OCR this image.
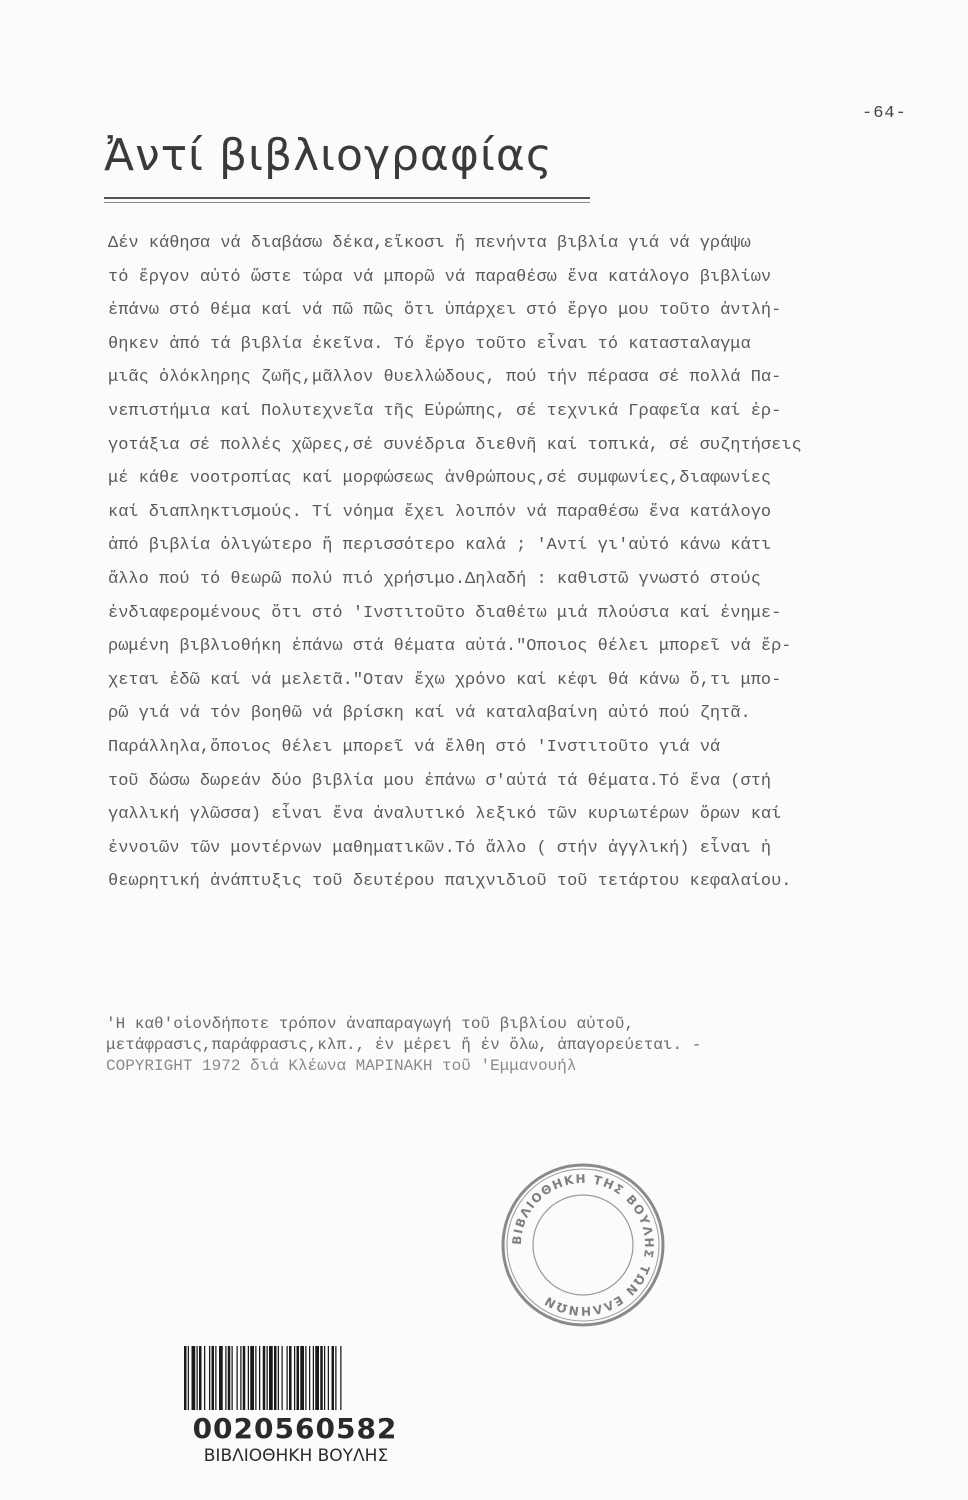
-64-
Ἀντί βιβλιογραφίας
Δέν κάθησα νά διαβάσω δέκα,εἴκοσι ἤ πενήντα βιβλία γιά νά γράψω
τό ἔργον αὐτό ὥστε τώρα νά μπορῶ νά παραθέσω ἕνα κατάλογο βιβλίων
ἐπάνω στό θέμα καί νά πῶ πῶς ὅτι ὑπάρχει στό ἔργο μου τοῦτο ἀντλή-
θηκεν ἀπό τά βιβλία ἐκεῖνα. Τό ἔργο τοῦτο εἶναι τό κατασταλαγμα
μιᾶς ὁλόκληρης ζωῆς,μᾶλλον θυελλώδους, πού τήν πέρασα σέ πολλά Πα-
νεπιστήμια καί Πολυτεχνεῖα τῆς Εὐρώπης, σέ τεχνικά Γραφεῖα καί ἐρ-
γοτάξια σέ πολλές χῶρες,σέ συνέδρια διεθνῆ καί τοπικά, σέ συζητήσεις
μέ κάθε νοοτροπίας καί μορφώσεως ἀνθρώπους,σέ συμφωνίες,διαφωνίες
καί διαπληκτισμούς. Τί νόημα ἔχει λοιπόν νά παραθέσω ἕνα κατάλογο
ἀπό βιβλία ὀλιγώτερο ἤ περισσότερο καλά ; 'Αντί γι'αὐτό κάνω κάτι
ἄλλο πού τό θεωρῶ πολύ πιό χρήσιμο.Δηλαδή : καθιστῶ γνωστό στούς
ἐνδιαφερομένους ὅτι στό 'Ινστιτοῦτο διαθέτω μιά πλούσια καί ἐνημε-
ρωμένη βιβλιοθήκη ἐπάνω στά θέματα αὐτά."Οποιος θέλει μπορεῖ νά ἔρ-
χεται ἐδῶ καί νά μελετᾶ."Οταν ἔχω χρόνο καί κέφι θά κάνω ὅ,τι μπο-
ρῶ γιά νά τόν βοηθῶ νά βρίσκη καί νά καταλαβαίνη αὐτό πού ζητᾶ.
Παράλληλα,ὅποιος θέλει μπορεῖ νά ἔλθη στό 'Ινστιτοῦτο γιά νά
τοῦ δώσω δωρεάν δύο βιβλία μου ἐπάνω σ'αὐτά τά θέματα.Τό ἕνα (στή
γαλλική γλῶσσα) εἶναι ἕνα ἀναλυτικό λεξικό τῶν κυριωτέρων ὅρων καί
ἐννοιῶν τῶν μοντέρνων μαθηματικῶν.Τό ἄλλο ( στήν ἀγγλική) εἶναι ἡ
θεωρητική ἀνάπτυξις τοῦ δευτέρου παιχνιδιοῦ τοῦ τετάρτου κεφαλαίου.
'Η καθ'οἱονδήποτε τρόπον ἀναπαραγωγή τοῦ βιβλίου αὐτοῦ,
μετάφρασις,παράφρασις,κλπ., ἐν μέρει ἤ ἐν ὅλω, ἀπαγορεύεται. -
COPYRIGHT 1972 διά Κλέωνα ΜΑΡΙΝΑΚΗ τοῦ 'Εμμανουήλ
ΒΙΒΛΙΟΘΗΚΗ ΤΗΣ ΒΟΥΛΗΣ ΤΩΝ ΕΛΛΗΝΩΝ
0020560582
ΒΙΒΛΙΟΘΗΚΗ ΒΟΥΛΗΣ
